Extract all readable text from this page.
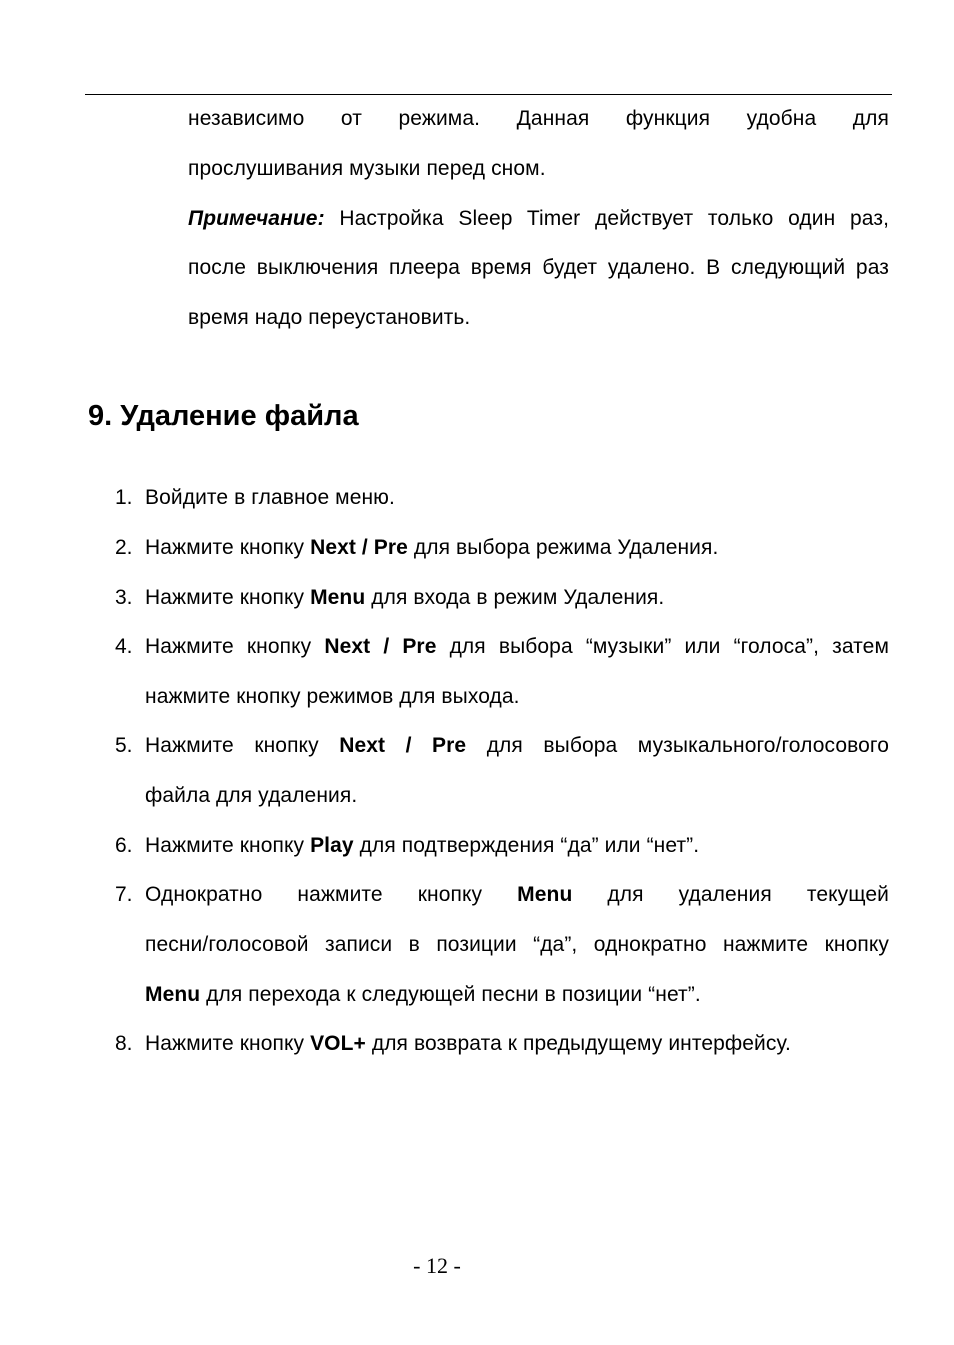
независимо от режима. Данная функция удобна для
прослушивания музыки перед сном.
Примечание: Настройка Sleep Timer действует только один раз,
после выключения плеера время будет удалено. В следующий раз
время надо переустановить.
9. Удаление файла
1. Войдите в главное меню.
2. Нажмите кнопку Next / Pre для выбора режима Удаления.
3. Нажмите кнопку Menu для входа в режим Удаления.
4. Нажмите кнопку Next / Pre для выбора “музыки” или “голоса”, затем
нажмите кнопку режимов для выхода.
5. Нажмите кнопку Next / Pre для выбора музыкального/голосового
файла для удаления.
6. Нажмите кнопку Play для подтверждения “да” или “нет”.
7. Однократно нажмите кнопку Menu для удаления текущей
песни/голосовой записи в позиции “да”, однократно нажмите кнопку
Menu для перехода к следующей песни в позиции “нет”.
8. Нажмите кнопку VOL+ для возврата к предыдущему интерфейсу.
- 12 -
